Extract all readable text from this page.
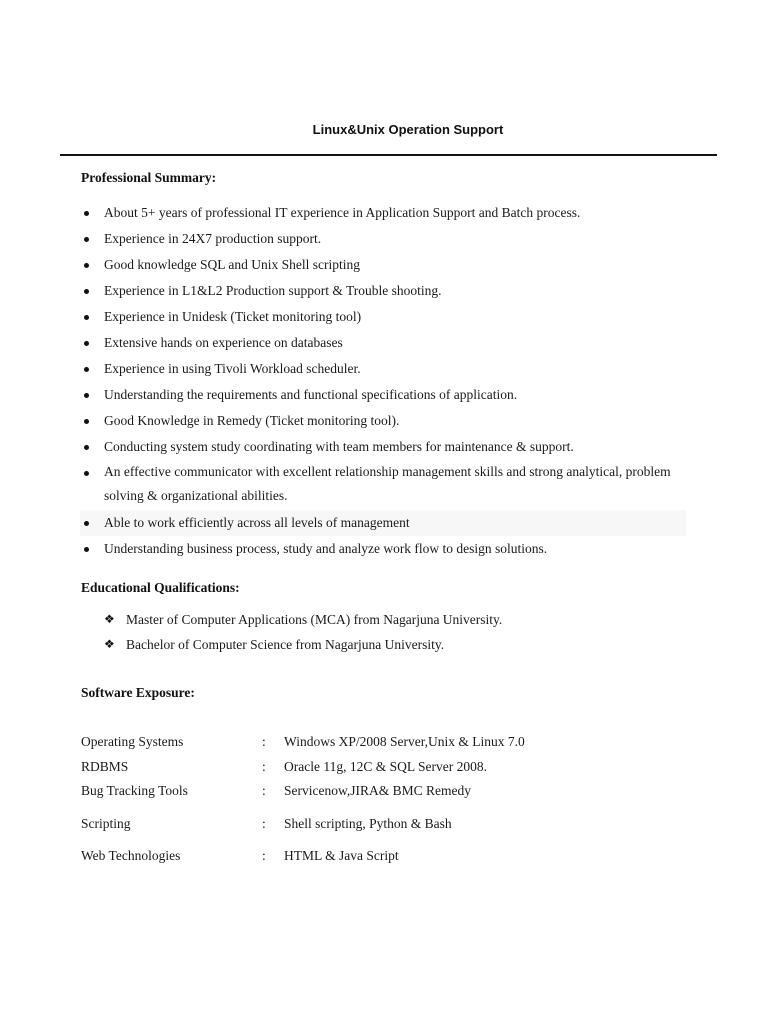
Linux&Unix Operation Support
Professional Summary:
About 5+ years of professional IT experience in Application Support and Batch process.
Experience in 24X7 production support.
Good knowledge SQL and Unix Shell scripting
Experience in L1&L2 Production support & Trouble shooting.
Experience in Unidesk (Ticket monitoring tool)
Extensive hands on experience on databases
Experience in using Tivoli Workload scheduler.
Understanding the requirements and functional specifications of application.
Good Knowledge in Remedy (Ticket monitoring tool).
Conducting system study coordinating with team members for maintenance & support.
An effective communicator with excellent relationship management skills and strong analytical, problem solving & organizational abilities.
Able to work efficiently across all levels of management
Understanding business process, study and analyze work flow to design solutions.
Educational Qualifications:
❖ Master of Computer Applications (MCA) from Nagarjuna University.
❖ Bachelor of Computer Science from Nagarjuna University.
Software Exposure:
Operating Systems	: Windows XP/2008 Server,Unix & Linux 7.0
RDBMS	: Oracle 11g, 12C & SQL Server 2008.
Bug Tracking Tools	: Servicenow,JIRA& BMC Remedy
Scripting	: Shell scripting, Python & Bash
Web Technologies	: HTML & Java Script
